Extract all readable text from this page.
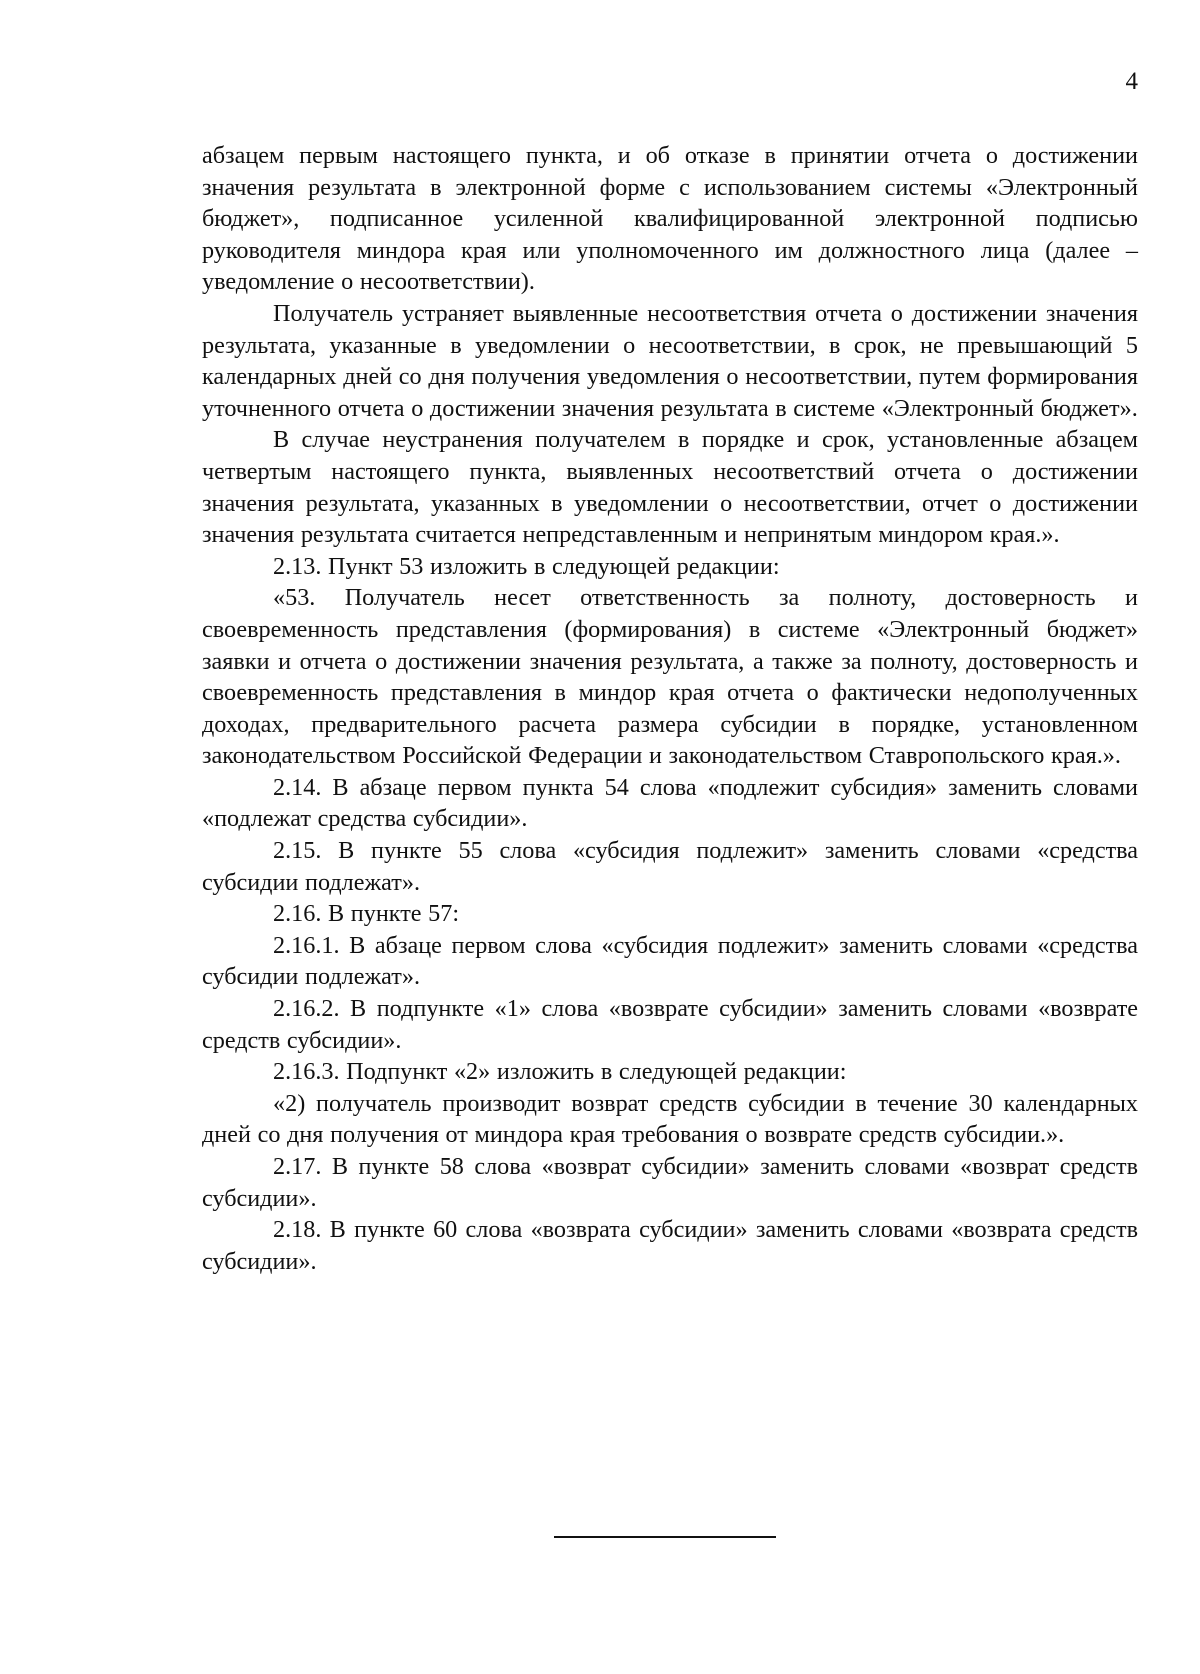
4

абзацем первым настоящего пункта, и об отказе в принятии отчета о достижении значения результата в электронной форме с использованием системы «Электронный бюджет», подписанное усиленной квалифицированной электронной подписью руководителя миндора края или уполномоченного им должностного лица (далее – уведомление о несоответствии).

Получатель устраняет выявленные несоответствия отчета о достижении значения результата, указанные в уведомлении о несоответствии, в срок, не превышающий 5 календарных дней со дня получения уведомления о несоответствии, путем формирования уточненного отчета о достижении значения результата в системе «Электронный бюджет».

В случае неустранения получателем в порядке и срок, установленные абзацем четвертым настоящего пункта, выявленных несоответствий отчета о достижении значения результата, указанных в уведомлении о несоответствии, отчет о достижении значения результата считается непредставленным и непринятым миндором края.».

2.13. Пункт 53 изложить в следующей редакции:

«53. Получатель несет ответственность за полноту, достоверность и своевременность представления (формирования) в системе «Электронный бюджет» заявки и отчета о достижении значения результата, а также за полноту, достоверность и своевременность представления в миндор края отчета о фактически недополученных доходах, предварительного расчета размера субсидии в порядке, установленном законодательством Российской Федерации и законодательством Ставропольского края.».

2.14. В абзаце первом пункта 54 слова «подлежит субсидия» заменить словами «подлежат средства субсидии».

2.15. В пункте 55 слова «субсидия подлежит» заменить словами «средства субсидии подлежат».

2.16. В пункте 57:

2.16.1. В абзаце первом слова «субсидия подлежит» заменить словами «средства субсидии подлежат».

2.16.2. В подпункте «1» слова «возврате субсидии» заменить словами «возврате средств субсидии».

2.16.3. Подпункт «2» изложить в следующей редакции:

«2) получатель производит возврат средств субсидии в течение 30 календарных дней со дня получения от миндора края требования о возврате средств субсидии.».

2.17. В пункте 58 слова «возврат субсидии» заменить словами «возврат средств субсидии».

2.18. В пункте 60 слова «возврата субсидии» заменить словами «возврата средств субсидии».
